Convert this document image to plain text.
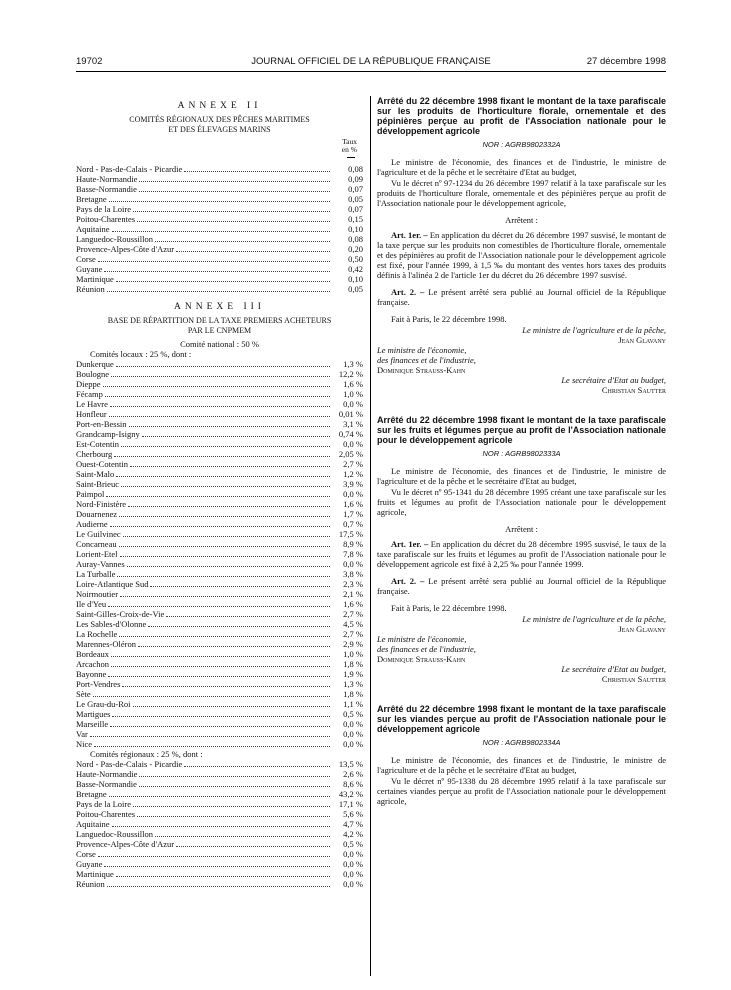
19702	JOURNAL OFFICIEL DE LA RÉPUBLIQUE FRANÇAISE	27 décembre 1998
ANNEXE II
COMITÉS RÉGIONAUX DES PÊCHES MARITIMES
ET DES ÉLEVAGES MARINS
Taux
en %
Nord - Pas-de-Calais - Picardie	0,08
Haute-Normandie	0,09
Basse-Normandie	0,07
Bretagne	0,05
Pays de la Loire	0,07
Poitou-Charentes	0,15
Aquitaine	0,10
Languedoc-Roussillon	0,08
Provence-Alpes-Côte d'Azur	0,20
Corse	0,50
Guyane	0,42
Martinique	0,10
Réunion	0,05
ANNEXE III
BASE DE RÉPARTITION DE LA TAXE PREMIERS ACHETEURS
PAR LE CNPMEM
Comité national : 50 %
Comités locaux : 25 %, dont :
Dunkerque	1,3 %
Boulogne	12,2 %
Dieppe	1,6 %
Fécamp	1,0 %
Le Havre	0,0 %
Honfleur	0,01 %
Port-en-Bessin	3,1 %
Grandcamp-Isigny	0,74 %
Est-Cotentin	0,0 %
Cherbourg	2,05 %
Ouest-Cotentin	2,7 %
Saint-Malo	1,2 %
Saint-Brieuc	3,9 %
Paimpol	0,0 %
Nord-Finistère	1,6 %
Douarnenez	1,7 %
Audierne	0,7 %
Le Guilvinec	17,5 %
Concarneau	8,9 %
Lorient-Etel	7,8 %
Auray-Vannes	0,0 %
La Turballe	3,8 %
Loire-Atlantique Sud	2,3 %
Noirmoutier	2,1 %
Ile d'Yeu	1,6 %
Saint-Gilles-Croix-de-Vie	2,7 %
Les Sables-d'Olonne	4,5 %
La Rochelle	2,7 %
Marennes-Oléron	2,9 %
Bordeaux	1,0 %
Arcachon	1,8 %
Bayonne	1,9 %
Port-Vendres	1,3 %
Sète	1,8 %
Le Grau-du-Roi	1,1 %
Martigues	0,5 %
Marseille	0,0 %
Var	0,0 %
Nice	0,0 %
Comités régionaux : 25 %, dont :
Nord - Pas-de-Calais - Picardie	13,5 %
Haute-Normandie	2,6 %
Basse-Normandie	8,6 %
Bretagne	43,2 %
Pays de la Loire	17,1 %
Poitou-Charentes	5,6 %
Aquitaine	4,7 %
Languedoc-Roussillon	4,2 %
Provence-Alpes-Côte d'Azur	0,5 %
Corse	0,0 %
Guyane	0,0 %
Martinique	0,0 %
Réunion	0,0 %
Arrêté du 22 décembre 1998 fixant le montant de la taxe parafiscale sur les produits de l'horticulture florale, ornementale et des pépinières perçue au profit de l'Association nationale pour le développement agricole
NOR : AGRB9802332A

Le ministre de l'économie, des finances et de l'industrie, le ministre de l'agriculture et de la pêche et le secrétaire d'Etat au budget,

Vu le décret nº 97-1234 du 26 décembre 1997 relatif à la taxe parafiscale sur les produits de l'horticulture florale, ornementale et des pépinières perçue au profit de l'Association nationale pour le développement agricole,

Arrêtent :

Art. 1er. – En application du décret du 26 décembre 1997 susvisé, le montant de la taxe perçue sur les produits non comestibles de l'horticulture florale, ornementale et des pépinières au profit de l'Association nationale pour le développement agricole est fixé, pour l'année 1999, à 1,5 ‰ du montant des ventes hors taxes des produits définis à l'alinéa 2 de l'article 1er du décret du 26 décembre 1997 susvisé.

Art. 2. – Le présent arrêté sera publié au Journal officiel de la République française.

Fait à Paris, le 22 décembre 1998.

Le ministre de l'agriculture et de la pêche,
Jean Glavany
Le ministre de l'économie,
des finances et de l'industrie,
Dominique Strauss-Kahn
Le secrétaire d'Etat au budget,
Christian Sautter
Arrêté du 22 décembre 1998 fixant le montant de la taxe parafiscale sur les fruits et légumes perçue au profit de l'Association nationale pour le développement agricole
NOR : AGRB9802333A

Le ministre de l'économie, des finances et de l'industrie, le ministre de l'agriculture et de la pêche et le secrétaire d'Etat au budget,

Vu le décret nº 95-1341 du 28 décembre 1995 créant une taxe parafiscale sur les fruits et légumes au profit de l'Association nationale pour le développement agricole,

Arrêtent :

Art. 1er. – En application du décret du 28 décembre 1995 susvisé, le taux de la taxe parafiscale sur les fruits et légumes au profit de l'Association nationale pour le développement agricole est fixé à 2,25 ‰ pour l'année 1999.

Art. 2. – Le présent arrêté sera publié au Journal officiel de la République française.

Fait à Paris, le 22 décembre 1998.

Le ministre de l'agriculture et de la pêche,
Jean Glavany
Le ministre de l'économie,
des finances et de l'industrie,
Dominique Strauss-Kahn
Le secrétaire d'Etat au budget,
Christian Sautter
Arrêté du 22 décembre 1998 fixant le montant de la taxe parafiscale sur les viandes perçue au profit de l'Association nationale pour le développement agricole
NOR : AGRB9802334A

Le ministre de l'économie, des finances et de l'industrie, le ministre de l'agriculture et de la pêche et le secrétaire d'Etat au budget,

Vu le décret nº 95-1338 du 28 décembre 1995 relatif à la taxe parafiscale sur certaines viandes perçue au profit de l'Association nationale pour le développement agricole,
